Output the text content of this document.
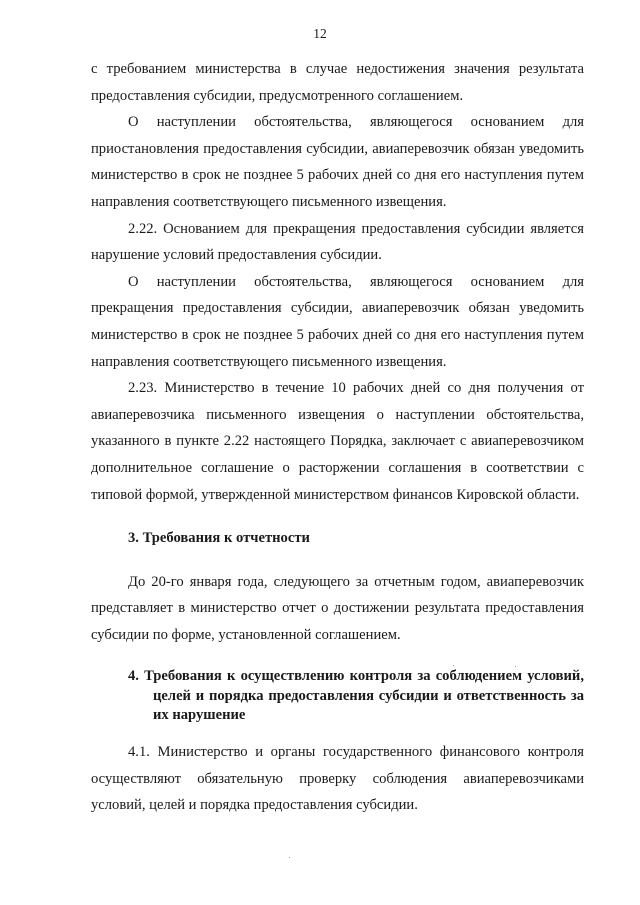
12

с требованием министерства в случае недостижения значения результата предоставления субсидии, предусмотренного соглашением.

О наступлении обстоятельства, являющегося основанием для приостановления предоставления субсидии, авиаперевозчик обязан уведомить министерство в срок не позднее 5 рабочих дней со дня его наступления путем направления соответствующего письменного извещения.

2.22. Основанием для прекращения предоставления субсидии является нарушение условий предоставления субсидии.

О наступлении обстоятельства, являющегося основанием для прекращения предоставления субсидии, авиаперевозчик обязан уведомить министерство в срок не позднее 5 рабочих дней со дня его наступления путем направления соответствующего письменного извещения.

2.23. Министерство в течение 10 рабочих дней со дня получения от авиаперевозчика письменного извещения о наступлении обстоятельства, указанного в пункте 2.22 настоящего Порядка, заключает с авиаперевозчиком дополнительное соглашение о расторжении соглашения в соответствии с типовой формой, утвержденной министерством финансов Кировской области.

3. Требования к отчетности

До 20-го января года, следующего за отчетным годом, авиаперевозчик представляет в министерство отчет о достижении результата предоставления субсидии по форме, установленной соглашением.

4. Требования к осуществлению контроля за соблюдением условий, целей и порядка предоставления субсидии и ответственность за их нарушение

4.1. Министерство и органы государственного финансового контроля осуществляют обязательную проверку соблюдения авиаперевозчиками условий, целей и порядка предоставления субсидии.
